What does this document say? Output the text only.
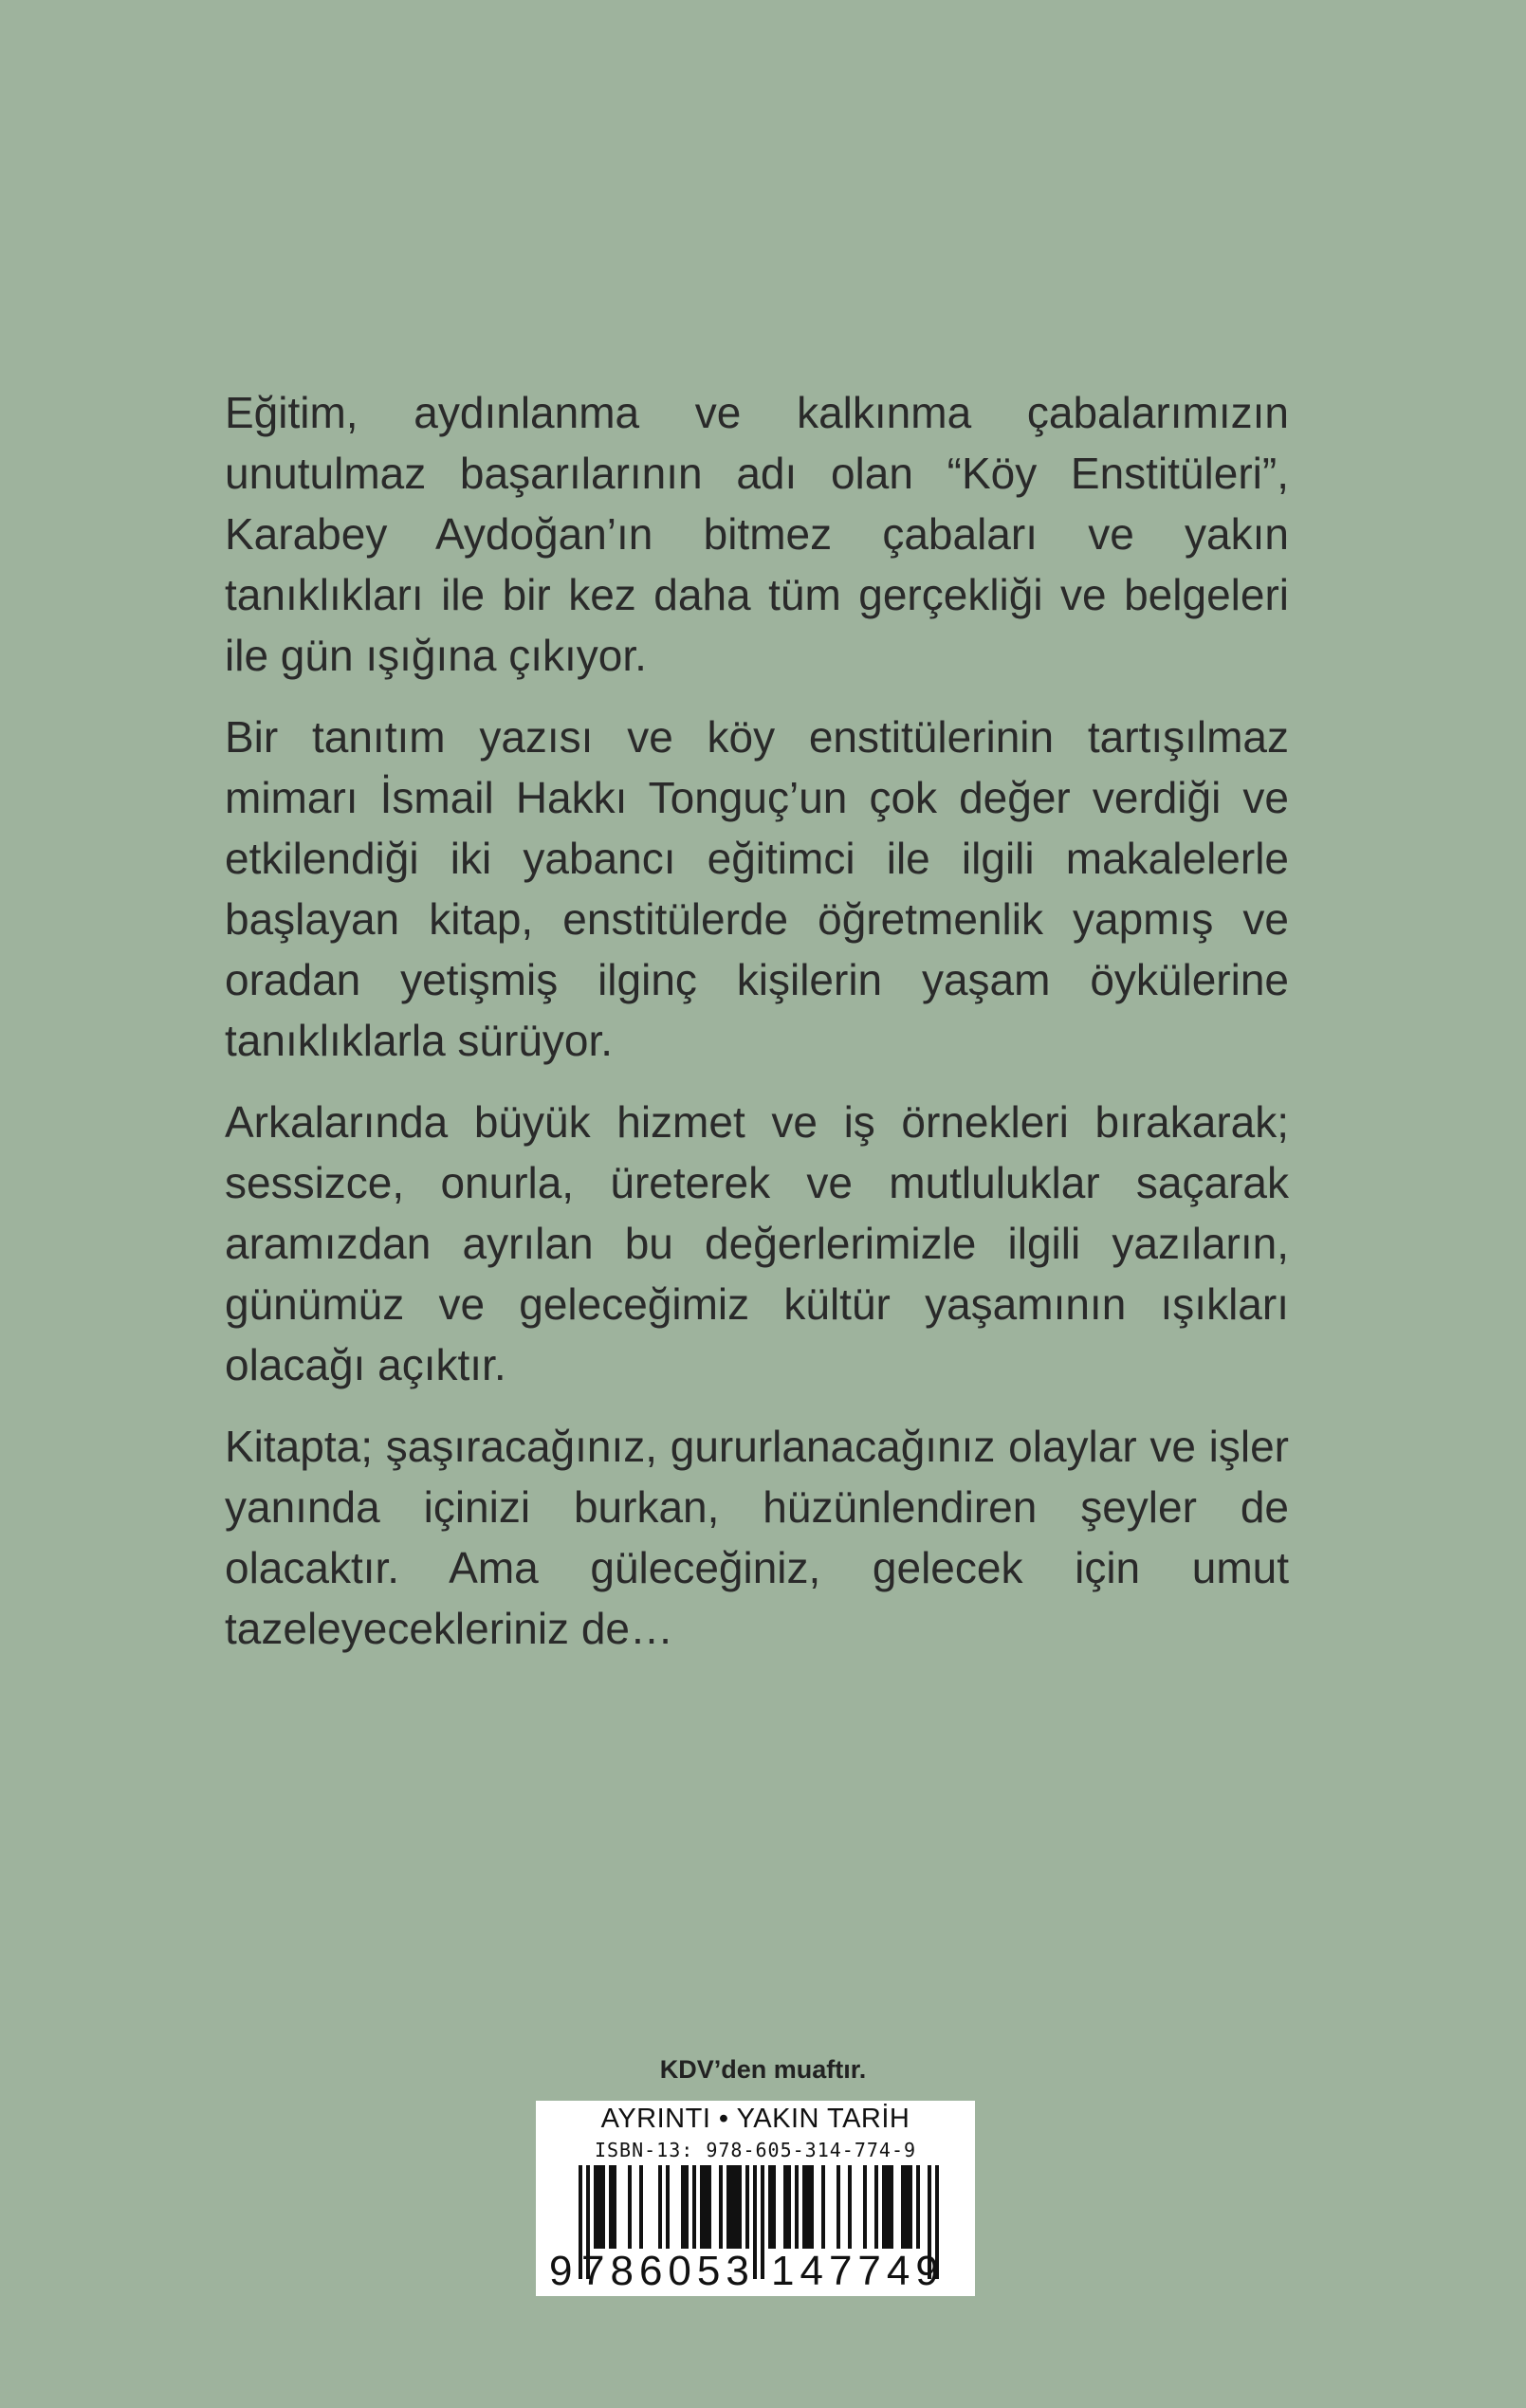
Eğitim, aydınlanma ve kalkınma çabalarımızın unutulmaz başarılarının adı olan “Köy Enstitüleri”, Karabey Aydoğan’ın bitmez çabaları ve yakın tanıklıkları ile bir kez daha tüm gerçekliği ve belgeleri ile gün ışığına çıkıyor.

Bir tanıtım yazısı ve köy enstitülerinin tartışılmaz mimarı İsmail Hakkı Tonguç’un çok değer verdiği ve etkilendiği iki yabancı eğitimci ile ilgili makalelerle başlayan kitap, enstitülerde öğretmenlik yapmış ve oradan yetişmiş ilginç kişilerin yaşam öykülerine tanıklıklarla sürüyor.

Arkalarında büyük hizmet ve iş örnekleri bırakarak; sessizce, onurla, üreterek ve mutluluklar saçarak aramızdan ayrılan bu değerlerimizle ilgili yazıların, günümüz ve geleceğimiz kültür yaşamının ışıkları olacağı açıktır.

Kitapta; şaşıracağınız, gururlanacağınız olaylar ve işler yanında içinizi burkan, hüzünlendiren şeyler de olacaktır. Ama güleceğiniz, gelecek için umut tazeleyecekleriniz de…

KDV’den muaftır.
AYRINTI • YAKIN TARİH
ISBN-13: 978-605-314-774-9
9 786053 147749
